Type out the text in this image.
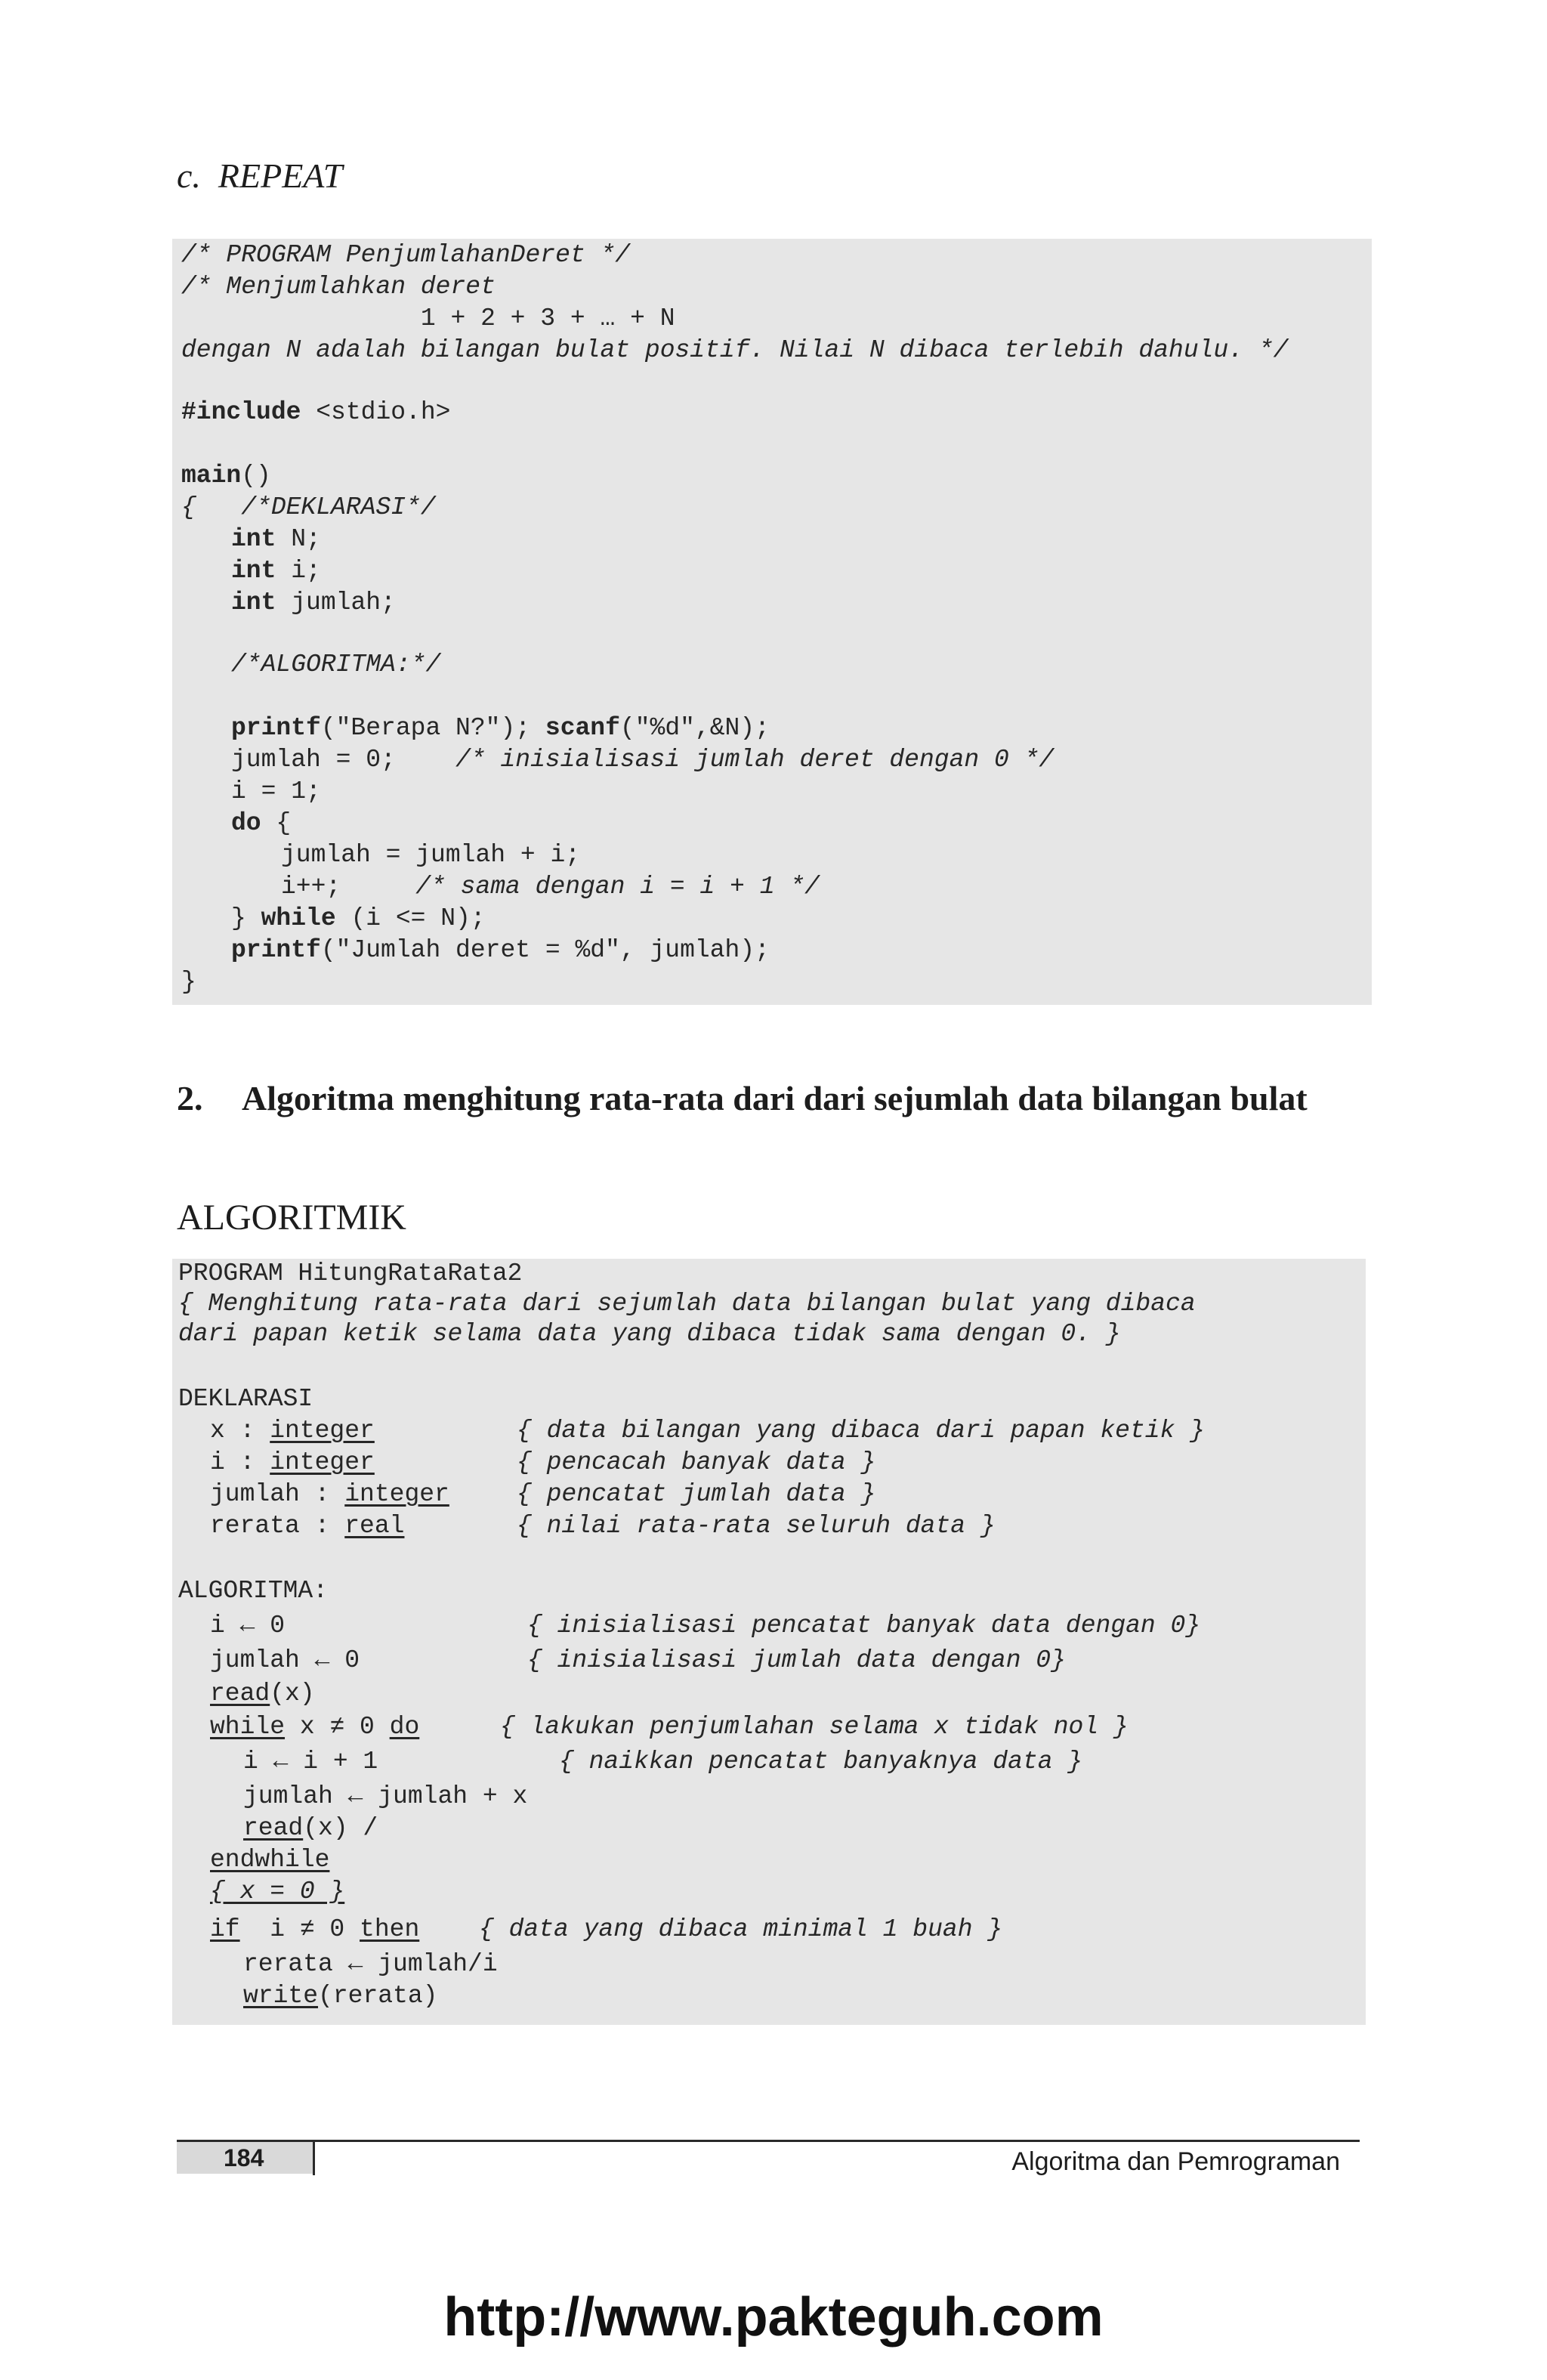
c.  REPEAT
/* PROGRAM PenjumlahanDeret */
/* Menjumlahkan deret
1 + 2 + 3 + … + N
dengan N adalah bilangan bulat positif. Nilai N dibaca terlebih dahulu. */
#include <stdio.h>
main()
{   /*DEKLARASI*/
int N;
int i;
int jumlah;
/*ALGORITMA:*/
printf("Berapa N?"); scanf("%d",&N);
jumlah = 0;    /* inisialisasi jumlah deret dengan 0 */
i = 1;
do {
jumlah = jumlah + i;
i++;     /* sama dengan i = i + 1 */
} while (i <= N);
printf("Jumlah deret = %d", jumlah);
}
2. Algoritma menghitung rata-rata dari dari sejumlah data bilangan bulat
ALGORITMIK
PROGRAM HitungRataRata2
{ Menghitung rata-rata dari sejumlah data bilangan bulat yang dibaca
dari papan ketik selama data yang dibaca tidak sama dengan 0. }
DEKLARASI
x : integer	{ data bilangan yang dibaca dari papan ketik }
i : integer	{ pencacah banyak data }
jumlah : integer	{ pencatat jumlah data }
rerata : real	{ nilai rata-rata seluruh data }
ALGORITMA:
i ← 0	{ inisialisasi pencatat banyak data dengan 0}
jumlah ← 0	{ inisialisasi jumlah data dengan 0}
read(x)
while x ≠ 0 do	{ lakukan penjumlahan selama x tidak nol }
i ← i + 1	{ naikkan pencatat banyaknya data }
jumlah ← jumlah + x
read(x) /
endwhile
{ x = 0 }
if  i ≠ 0 then { data yang dibaca minimal 1 buah }
rerata ← jumlah/i
write(rerata)
184	Algoritma dan Pemrograman
http://www.pakteguh.com
